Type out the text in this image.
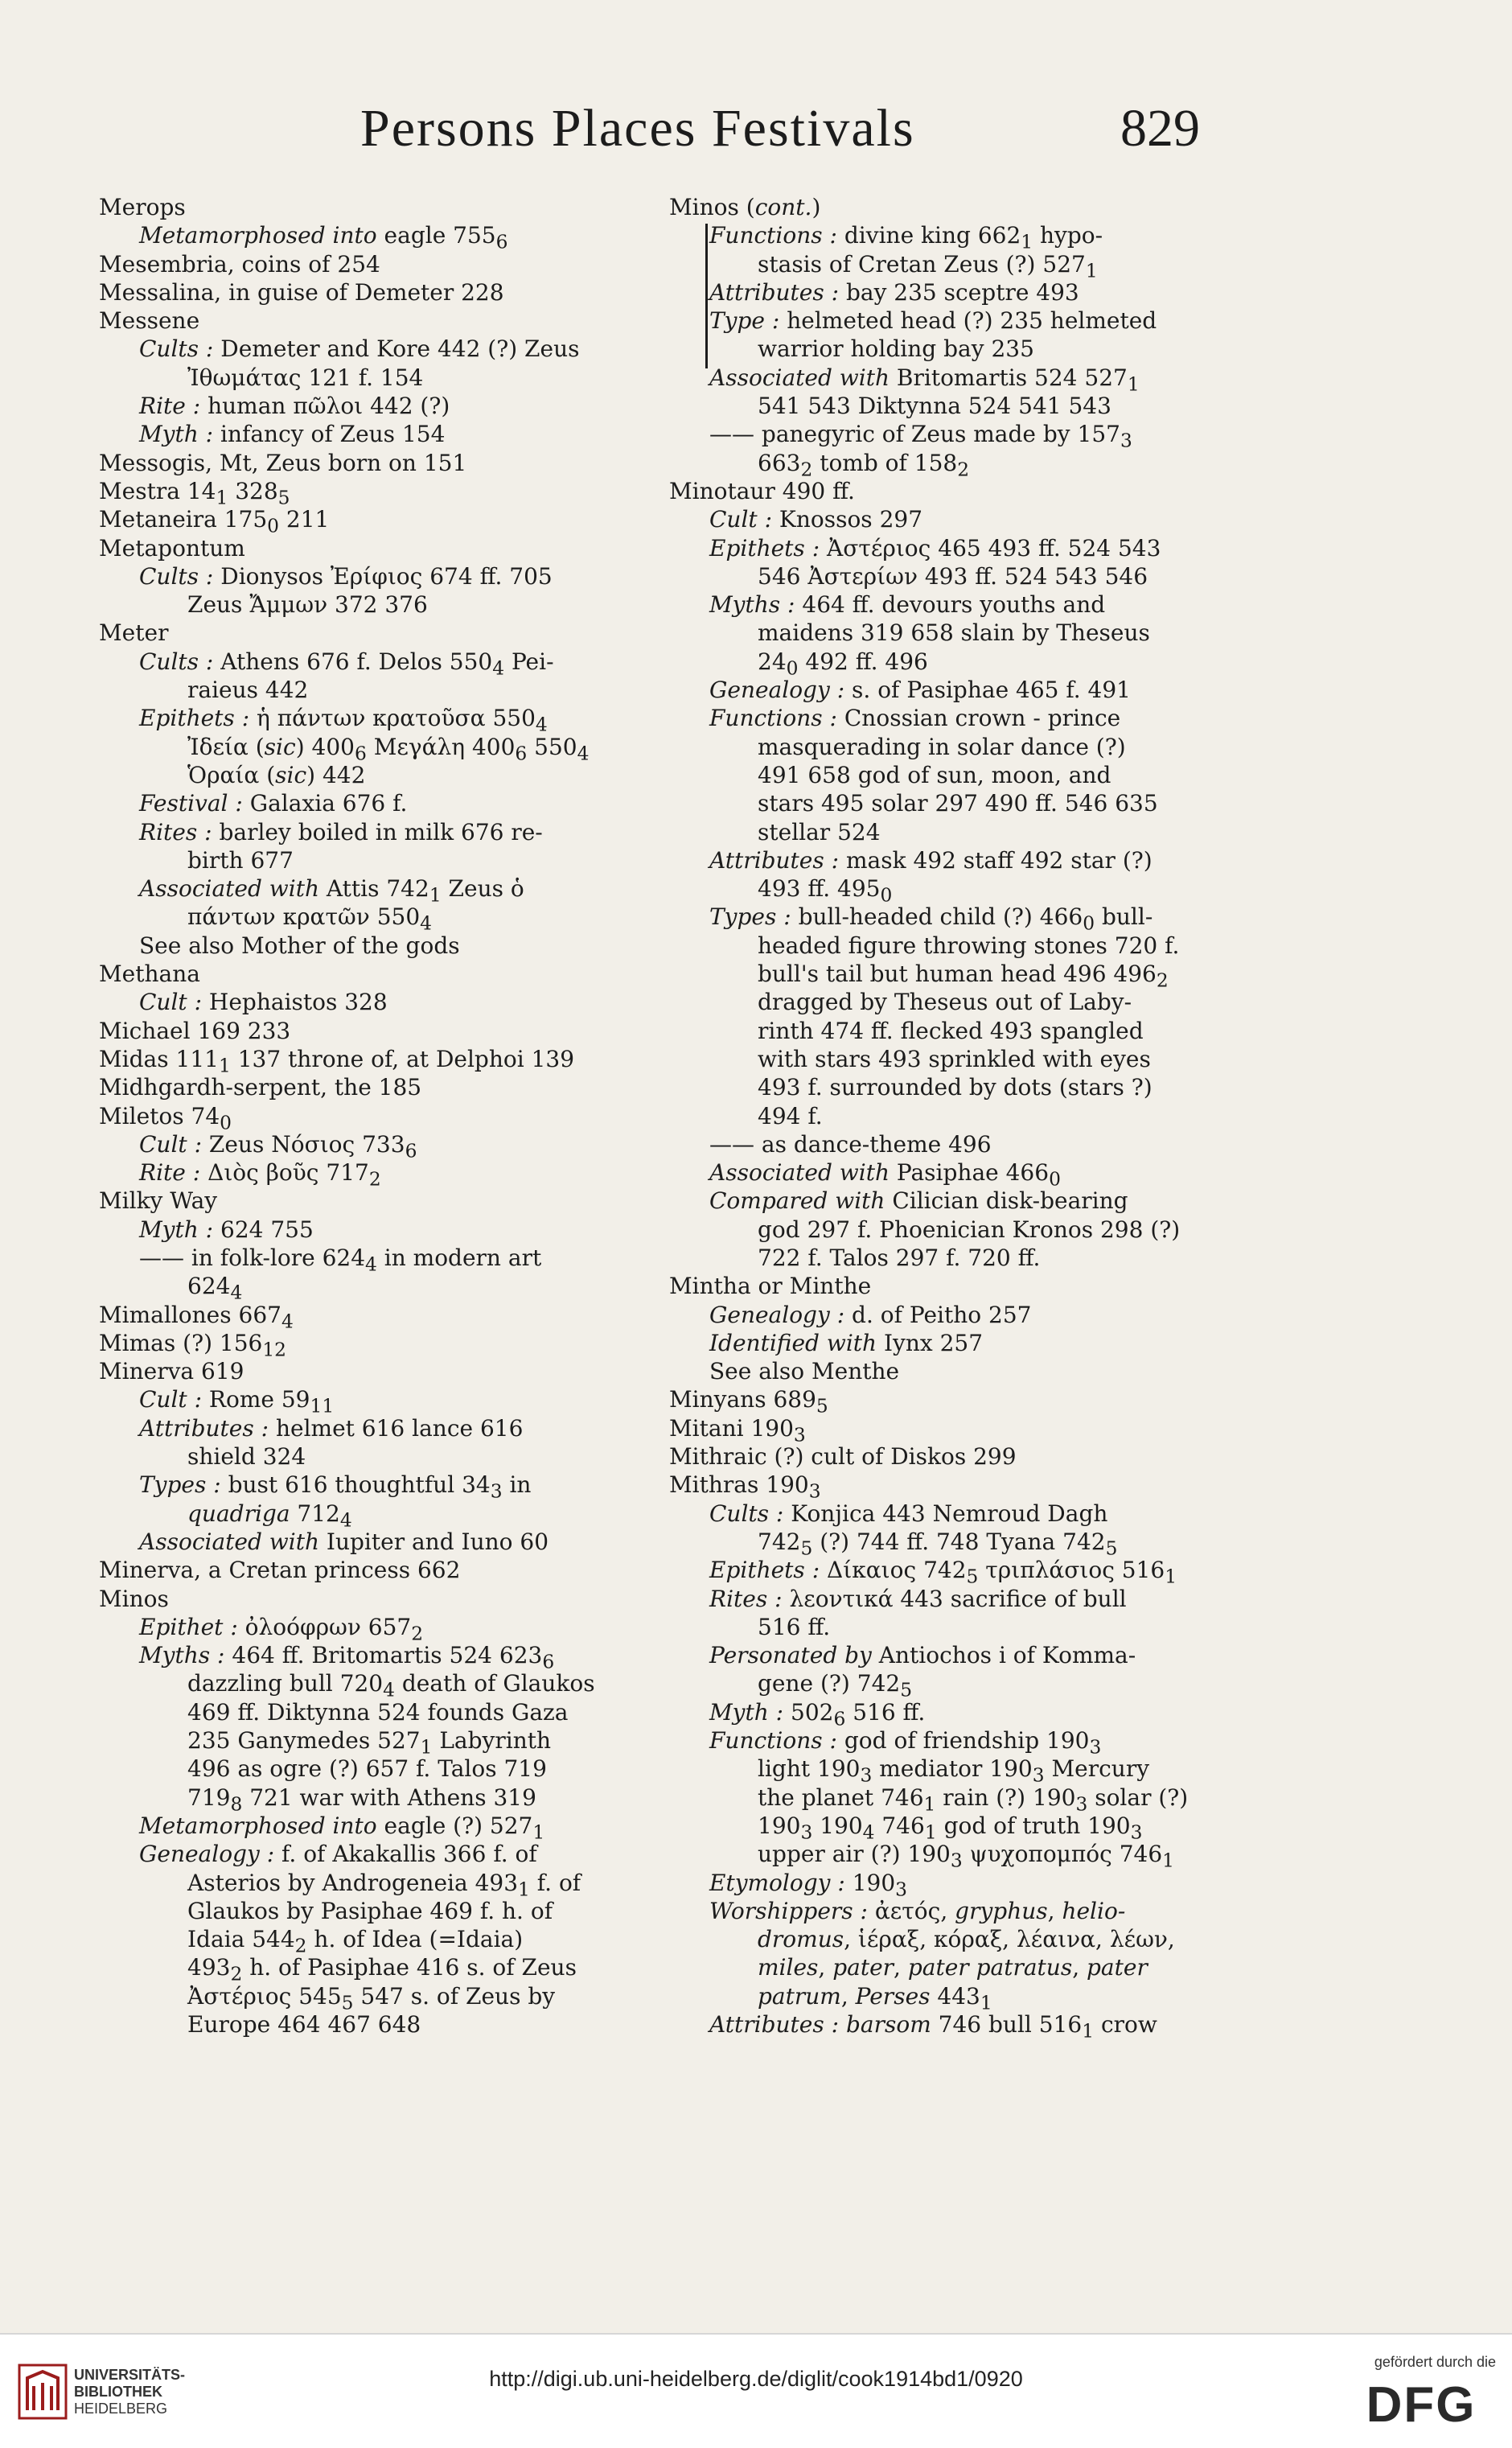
Persons Places Festivals	829
Merops
Metamorphosed into eagle $755_6$
Mesembria, coins of 254
Messalina, in guise of Demeter 228
Messene
Cults : Demeter and Kore 442 (?) Zeus
Ἰθωμάτας 121 f. 154
Rite : human πῶλοι 442 (?)
Myth : infancy of Zeus 154
Messogis, Mt, Zeus born on 151
Mestra $14_1$ $328_5$
Metaneira $175_0$ 211
Metapontum
Cults : Dionysos Ἐρίφιος 674 ff. 705
Zeus Ἄμμων 372 376
Meter
Cults : Athens 676 f. Delos $550_4$ Pei-
raieus 442
Epithets : ἡ πάντων κρατοῦσα $550_4$
Ἰδεία (sic) $400_6$ Μεγάλη $400_6$ $550_4$
Ὁραία (sic) 442
Festival : Galaxia 676 f.
Rites : barley boiled in milk 676 re-
birth 677
Associated with Attis $742_1$ Zeus ὁ
πάντων κρατῶν $550_4$
See also Mother of the gods
Methana
Cult : Hephaistos 328
Michael 169 233
Midas $111_1$ 137 throne of, at Delphoi 139
Midhgardh-serpent, the 185
Miletos $74_0$
Cult : Zeus Νόσιος $733_6$
Rite : Διὸς βοῦς $717_2$
Milky Way
Myth : 624 755
—— in folk-lore $624_4$ in modern art
$624_4$
Mimallones $667_4$
Mimas (?) $156_{12}$
Minerva 619
Cult : Rome $59_{11}$
Attributes : helmet 616 lance 616
shield 324
Types : bust 616 thoughtful $34_3$ in
quadriga $712_4$
Associated with Iupiter and Iuno 60
Minerva, a Cretan princess 662
Minos
Epithet : ὀλοόφρων $657_2$
Myths : 464 ff. Britomartis 524 $623_6$
dazzling bull $720_4$ death of Glaukos
469 ff. Diktynna 524 founds Gaza
235 Ganymedes $527_1$ Labyrinth
496 as ogre (?) 657 f. Talos 719
$719_8$ 721 war with Athens 319
Metamorphosed into eagle (?) $527_1$
Genealogy : f. of Akakallis 366 f. of
Asterios by Androgeneia $493_1$ f. of
Glaukos by Pasiphae 469 f. h. of
Idaia $544_2$ h. of Idea (=Idaia)
$493_2$ h. of Pasiphae 416 s. of Zeus
Ἀστέριος $545_5$ 547 s. of Zeus by
Europe 464 467 648
Minos (cont.)
Functions : divine king $662_1$ hypo-
stasis of Cretan Zeus (?) $527_1$
Attributes : bay 235 sceptre 493
Type : helmeted head (?) 235 helmeted
warrior holding bay 235
Associated with Britomartis 524 $527_1$
541 543 Diktynna 524 541 543
—— panegyric of Zeus made by $157_3$
$663_2$ tomb of $158_2$
Minotaur 490 ff.
Cult : Knossos 297
Epithets : Ἀστέριος 465 493 ff. 524 543
546 Ἀστερίων 493 ff. 524 543 546
Myths : 464 ff. devours youths and
maidens 319 658 slain by Theseus
$24_0$ 492 ff. 496
Genealogy : s. of Pasiphae 465 f. 491
Functions : Cnossian crown - prince
masquerading in solar dance (?)
491 658 god of sun, moon, and
stars 495 solar 297 490 ff. 546 635
stellar 524
Attributes : mask 492 staff 492 star (?)
493 ff. $495_0$
Types : bull-headed child (?) $466_0$ bull-
headed figure throwing stones 720 f.
bull's tail but human head 496 $496_2$
dragged by Theseus out of Laby-
rinth 474 ff. flecked 493 spangled
with stars 493 sprinkled with eyes
493 f. surrounded by dots (stars ?)
494 f.
—— as dance-theme 496
Associated with Pasiphae $466_0$
Compared with Cilician disk-bearing
god 297 f. Phoenician Kronos 298 (?)
722 f. Talos 297 f. 720 ff.
Mintha or Minthe
Genealogy : d. of Peitho 257
Identified with Iynx 257
See also Menthe
Minyans $689_5$
Mitani $190_3$
Mithraic (?) cult of Diskos 299
Mithras $190_3$
Cults : Konjica 443 Nemroud Dagh
$742_5$ (?) 744 ff. 748 Tyana $742_5$
Epithets : Δίκαιος $742_5$ τριπλάσιος $516_1$
Rites : λεοντικά 443 sacrifice of bull
516 ff.
Personated by Antiochos i of Komma-
gene (?) $742_5$
Myth : $502_6$ 516 ff.
Functions : god of friendship $190_3$
light $190_3$ mediator $190_3$ Mercury
the planet $746_1$ rain (?) $190_3$ solar (?)
$190_3$ $190_4$ $746_1$ god of truth $190_3$
upper air (?) $190_3$ ψυχοπομπός $746_1$
Etymology : $190_3$
Worshippers : ἀετός, gryphus, helio-
dromus, ἱέραξ, κόραξ, λέαινα, λέων,
miles, pater, pater patratus, pater
patrum, Perses $443_1$
Attributes : barsom 746 bull $516_1$ crow
UNIVERSITÄTS-
BIBLIOTHEK
HEIDELBERG
http://digi.ub.uni-heidelberg.de/diglit/cook1914bd1/0920
gefördert durch die
DFG
